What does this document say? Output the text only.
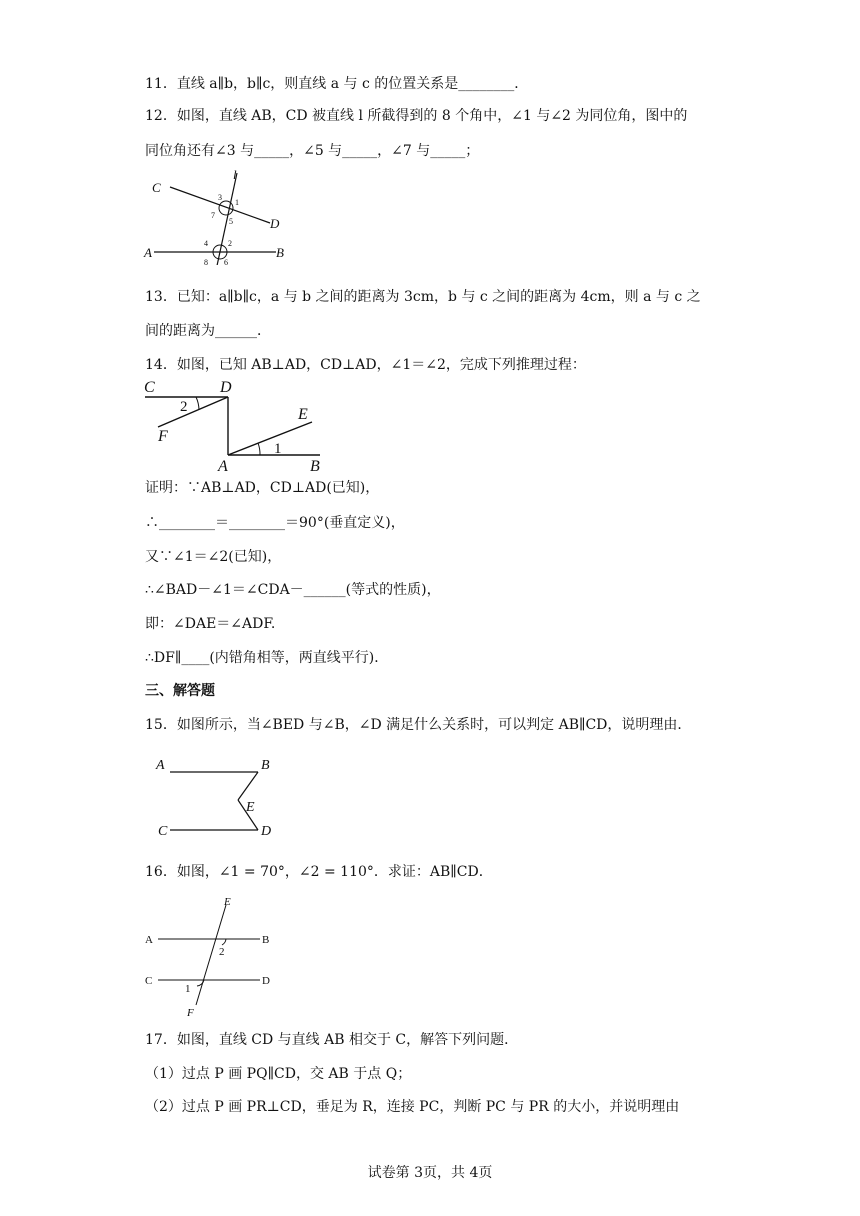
11．直线 a∥b，b∥c，则直线 a 与 c 的位置关系是________．
12．如图，直线 AB，CD 被直线 l 所截得到的 8 个角中，∠1 与∠2 为同位角，图中的
同位角还有∠3 与_____，∠5 与_____，∠7 与_____；
C
D
A	B
l
3
1
7
5
4	2
8 6
13．已知：a∥b∥c，a 与 b 之间的距离为 3cm，b 与 c 之间的距离为 4cm，则 a 与 c 之
间的距离为______．
14．如图，已知 AB⊥AD，CD⊥AD，∠1＝∠2，完成下列推理过程：
C	D
F
E
A	B
2
1
证明：∵AB⊥AD，CD⊥AD(已知)，
∴________＝________＝90°(垂直定义)，
又∵∠1＝∠2(已知)，
∴∠BAD－∠1＝∠CDA－______(等式的性质)，
即：∠DAE＝∠ADF.
∴DF∥____(内错角相等，两直线平行)．
三、解答题
15．如图所示，当∠BED 与∠B，∠D 满足什么关系时，可以判定 AB∥CD，说明理由．
A	B
E
C	D
16．如图，∠1 = 70°，∠2 = 110°．求证：AB∥CD．
E
A	B
2
C	D
1
F
17．如图，直线 CD 与直线 AB 相交于 C，解答下列问题．
（1）过点 P 画 PQ∥CD，交 AB 于点 Q；
（2）过点 P 画 PR⊥CD，垂足为 R，连接 PC，判断 PC 与 PR 的大小，并说明理由
试卷第 3页，共 4页
